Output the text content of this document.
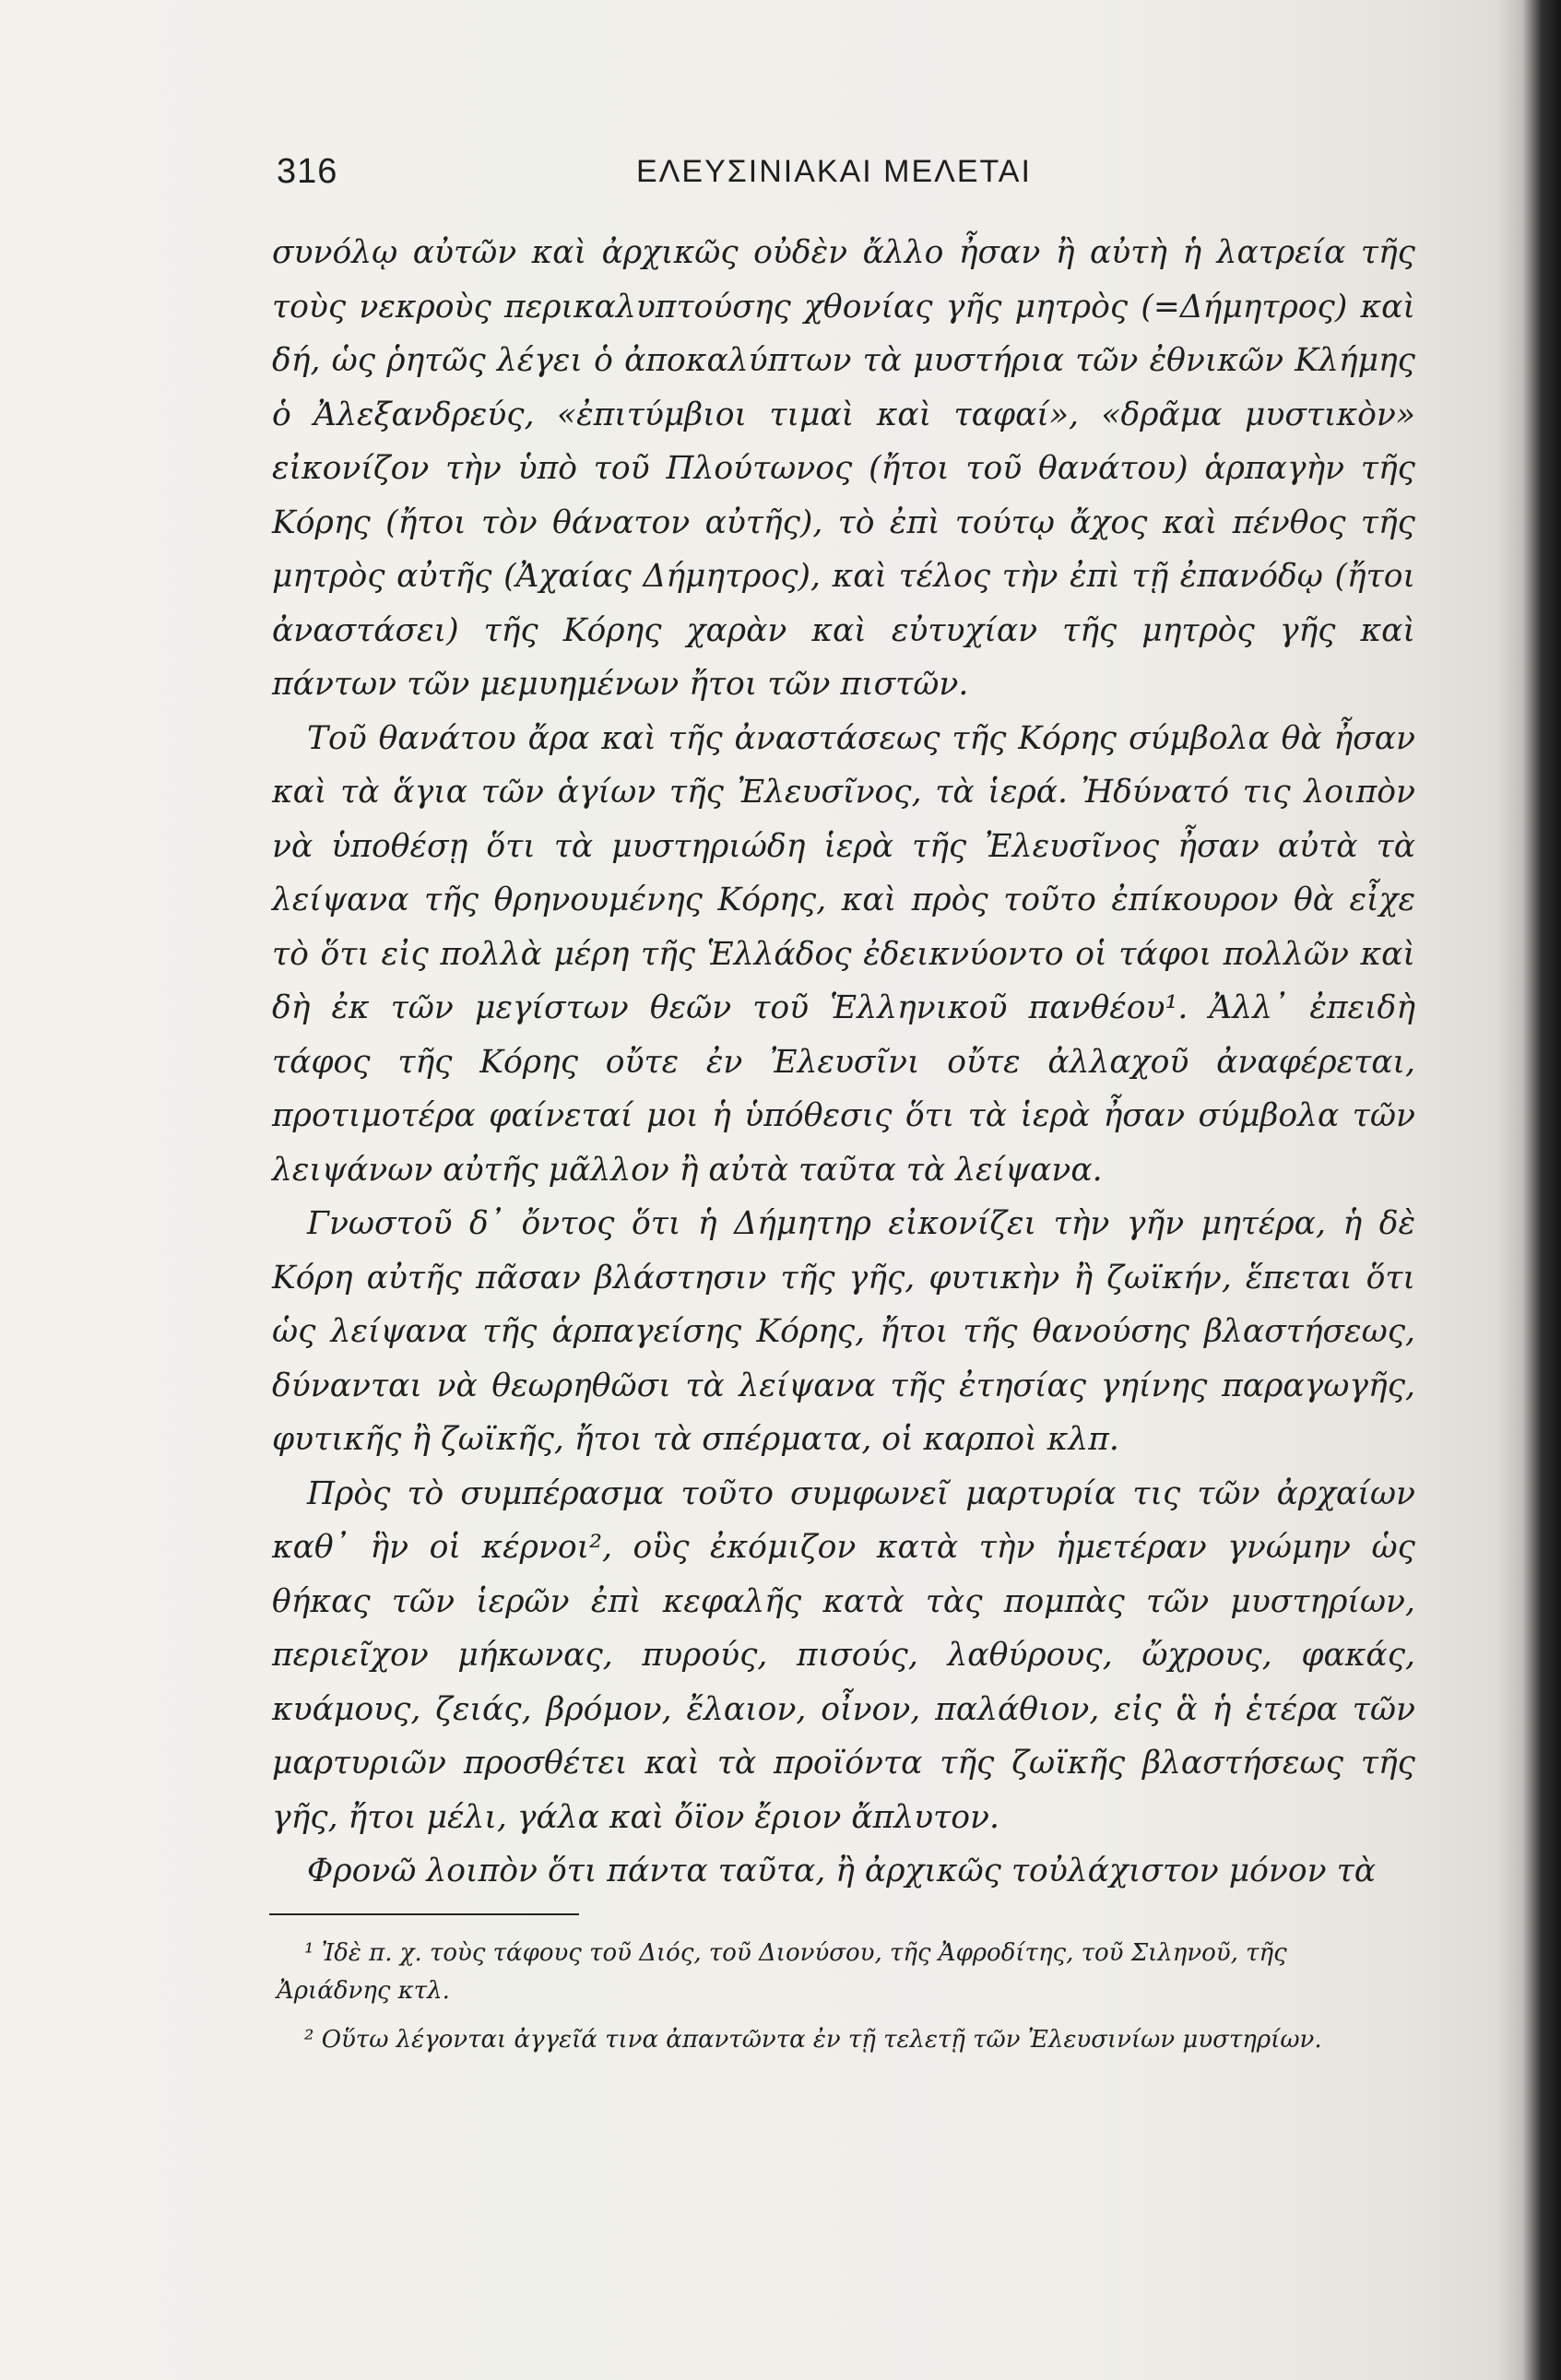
316	ΕΛΕΥΣΙΝΙΑΚΑΙ ΜΕΛΕΤΑΙ

συνόλῳ αὐτῶν καὶ ἀρχικῶς οὐδὲν ἄλλο ἦσαν ἢ αὐτὴ ἡ λατρεία τῆς τοὺς νεκροὺς περικαλυπτούσης χθονίας γῆς μητρὸς (=Δήμητρος) καὶ δή, ὡς ῥητῶς λέγει ὁ ἀποκαλύπτων τὰ μυστήρια τῶν ἐθνικῶν Κλήμης ὁ Ἀλεξανδρεύς, «ἐπιτύμβιοι τιμαὶ καὶ ταφαί», «δρᾶμα μυστικὸν» εἰκονίζον τὴν ὑπὸ τοῦ Πλούτωνος (ἤτοι τοῦ θανάτου) ἁρπαγὴν τῆς Κόρης (ἤτοι τὸν θάνατον αὐτῆς), τὸ ἐπὶ τούτῳ ἄχος καὶ πένθος τῆς μητρὸς αὐτῆς (Ἀχαίας Δήμητρος), καὶ τέλος τὴν ἐπὶ τῇ ἐπανόδῳ (ἤτοι ἀναστάσει) τῆς Κόρης χαρὰν καὶ εὐτυχίαν τῆς μητρὸς γῆς καὶ πάντων τῶν μεμυημένων ἤτοι τῶν πιστῶν.

Τοῦ θανάτου ἄρα καὶ τῆς ἀναστάσεως τῆς Κόρης σύμβολα θὰ ἦσαν καὶ τὰ ἅγια τῶν ἁγίων τῆς Ἐλευσῖνος, τὰ ἱερά. Ἠδύνατό τις λοιπὸν νὰ ὑποθέσῃ ὅτι τὰ μυστηριώδη ἱερὰ τῆς Ἐλευσῖνος ἦσαν αὐτὰ τὰ λείψανα τῆς θρηνουμένης Κόρης, καὶ πρὸς τοῦτο ἐπίκουρον θὰ εἶχε τὸ ὅτι εἰς πολλὰ μέρη τῆς Ἑλλάδος ἐδεικνύοντο οἱ τάφοι πολλῶν καὶ δὴ ἐκ τῶν μεγίστων θεῶν τοῦ Ἑλληνικοῦ πανθέου¹. Ἀλλ᾽ ἐπειδὴ τάφος τῆς Κόρης οὔτε ἐν Ἐλευσῖνι οὔτε ἀλλαχοῦ ἀναφέρεται, προτιμοτέρα φαίνεταί μοι ἡ ὑπόθεσις ὅτι τὰ ἱερὰ ἦσαν σύμβολα τῶν λειψάνων αὐτῆς μᾶλλον ἢ αὐτὰ ταῦτα τὰ λείψανα.

Γνωστοῦ δ᾽ ὄντος ὅτι ἡ Δήμητηρ εἰκονίζει τὴν γῆν μητέρα, ἡ δὲ Κόρη αὐτῆς πᾶσαν βλάστησιν τῆς γῆς, φυτικὴν ἢ ζωϊκήν, ἕπεται ὅτι ὡς λείψανα τῆς ἁρπαγείσης Κόρης, ἤτοι τῆς θανούσης βλαστήσεως, δύνανται νὰ θεωρηθῶσι τὰ λείψανα τῆς ἐτησίας γηίνης παραγωγῆς, φυτικῆς ἢ ζωϊκῆς, ἤτοι τὰ σπέρματα, οἱ καρποὶ κλπ.

Πρὸς τὸ συμπέρασμα τοῦτο συμφωνεῖ μαρτυρία τις τῶν ἀρχαίων καθ᾽ ἣν οἱ κέρνοι², οὓς ἐκόμιζον κατὰ τὴν ἡμετέραν γνώμην ὡς θήκας τῶν ἱερῶν ἐπὶ κεφαλῆς κατὰ τὰς πομπὰς τῶν μυστηρίων, περιεῖχον μήκωνας, πυρούς, πισούς, λαθύρους, ὤχρους, φακάς, κυάμους, ζειάς, βρόμον, ἔλαιον, οἶνον, παλάθιον, εἰς ἃ ἡ ἑτέρα τῶν μαρτυριῶν προσθέτει καὶ τὰ προϊόντα τῆς ζωϊκῆς βλαστήσεως τῆς γῆς, ἤτοι μέλι, γάλα καὶ ὄϊον ἔριον ἄπλυτον.

Φρονῶ λοιπὸν ὅτι πάντα ταῦτα, ἢ ἀρχικῶς τοὐλάχιστον μόνον τὰ

¹ Ἰδὲ π. χ. τοὺς τάφους τοῦ Διός, τοῦ Διονύσου, τῆς Ἀφροδίτης, τοῦ Σιληνοῦ, τῆς Ἀριάδνης κτλ.

² Οὕτω λέγονται ἀγγεῖά τινα ἀπαντῶντα ἐν τῇ τελετῇ τῶν Ἐλευσινίων μυστηρίων.
